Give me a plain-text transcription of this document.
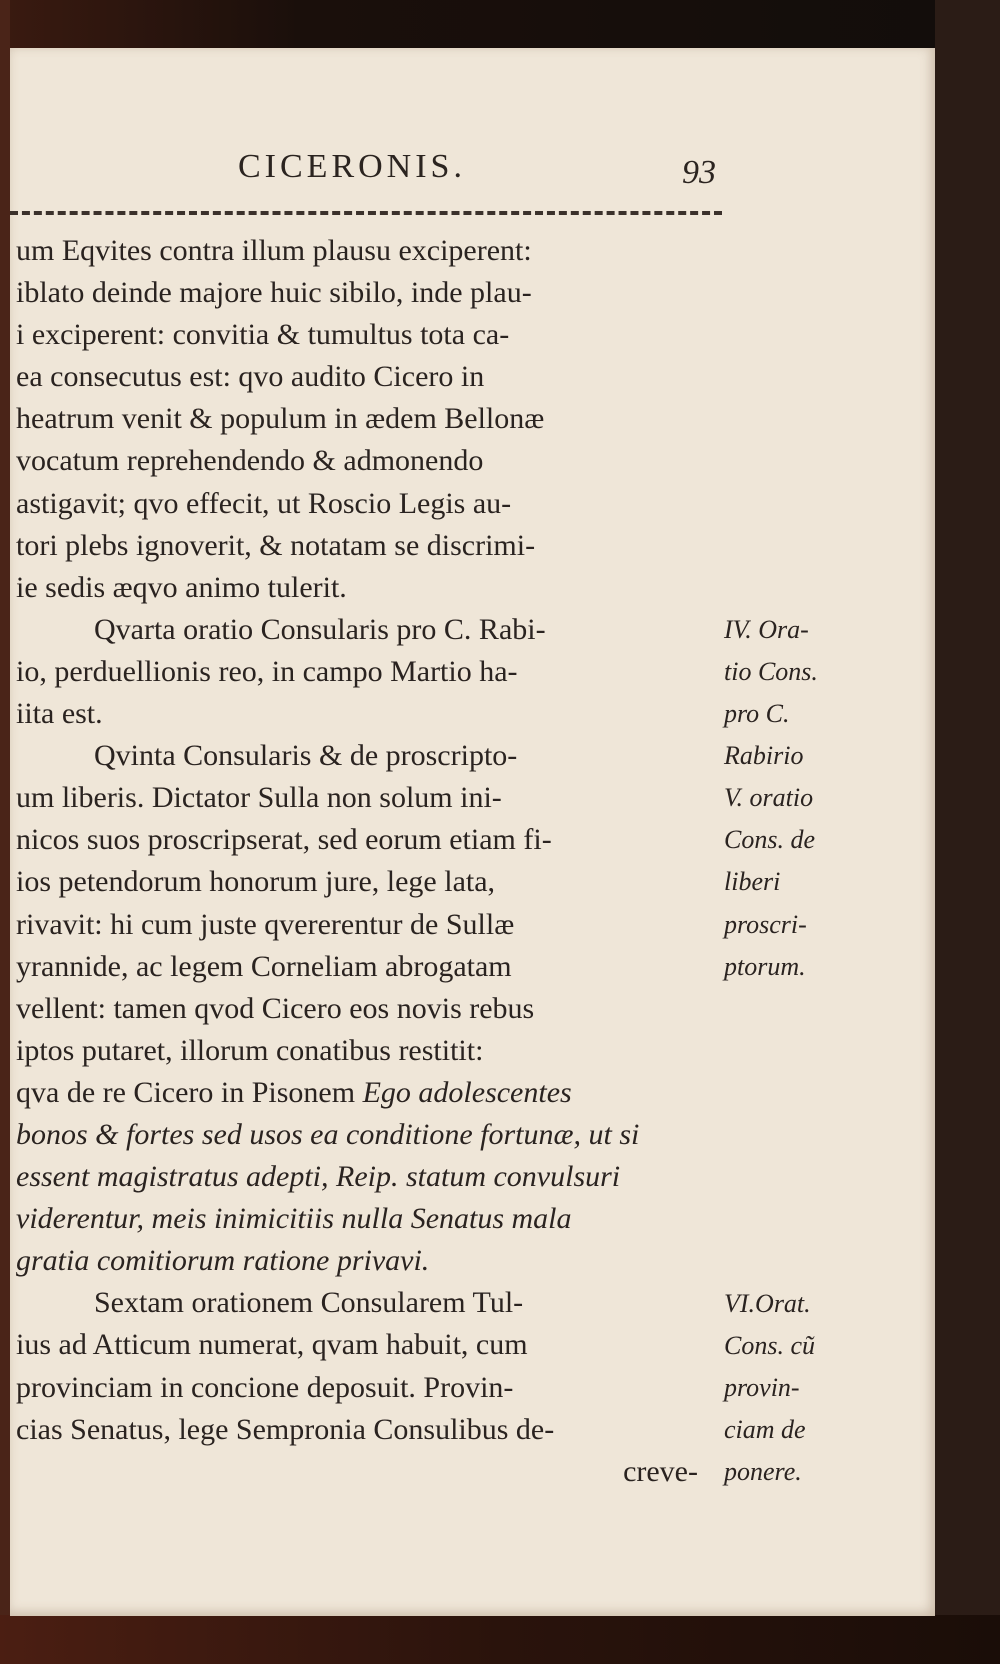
CICERONIS.	93
um Eqvites contra illum plausu exciperent:
iblato deinde majore huic sibilo, inde plau-
i exciperent: convitia & tumultus tota ca-
ea consecutus est: qvo audito Cicero in
heatrum venit & populum in ædem Bellonæ
vocatum reprehendendo & admonendo
astigavit; qvo effecit, ut Roscio Legis au-
tori plebs ignoverit, & notatam se discrimi-
ie sedis æqvo animo tulerit.
Qvarta oratio Consularis pro C. Rabi-
io, perduellionis reo, in campo Martio ha-
iita est.
Qvinta Consularis & de proscripto-
um liberis. Dictator Sulla non solum ini-
nicos suos proscripserat, sed eorum etiam fi-
ios petendorum honorum jure, lege lata,
rivavit: hi cum juste qvererentur de Sullæ
yrannide, ac legem Corneliam abrogatam
vellent: tamen qvod Cicero eos novis rebus
iptos putaret, illorum conatibus restitit:
qva de re Cicero in Pisonem Ego adolescentes
bonos & fortes sed usos ea conditione fortunæ, ut si
essent magistratus adepti, Reip. statum convulsuri
viderentur, meis inimicitiis nulla Senatus mala
gratia comitiorum ratione privavi.
Sextam orationem Consularem Tul-
ius ad Atticum numerat, qvam habuit, cum
provinciam in concione deposuit. Provin-
cias Senatus, lege Sempronia Consulibus de-
creve-
IV. Ora-
tio Cons.
pro C.
Rabirio
V. oratio
Cons. de
liberi
proscri-
ptorum.
VI.Orat.
Cons. cũ
provin-
ciam de
ponere.
